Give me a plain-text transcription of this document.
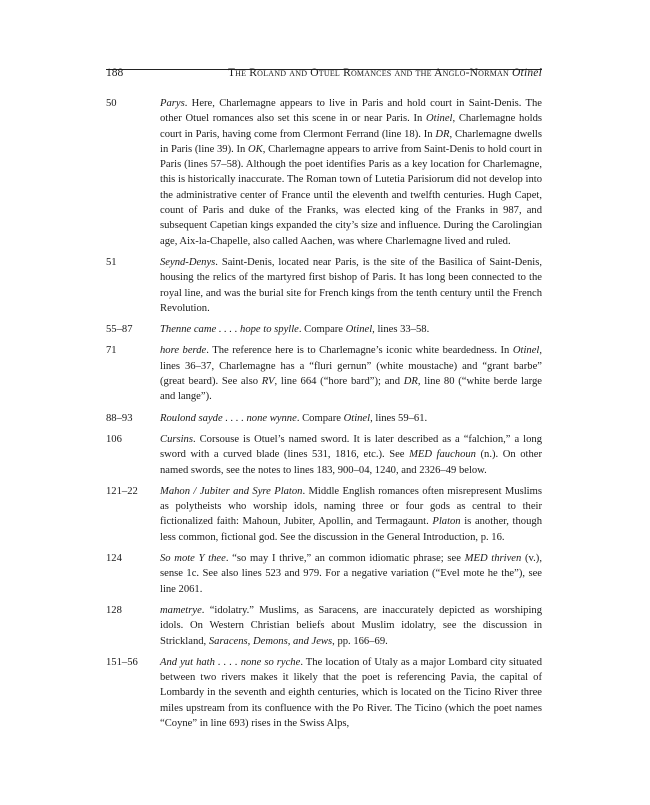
188	The Roland and Otuel Romances and the Anglo-Norman Otinel
50	Parys. Here, Charlemagne appears to live in Paris and hold court in Saint-Denis. The other Otuel romances also set this scene in or near Paris. In Otinel, Charlemagne holds court in Paris, having come from Clermont Ferrand (line 18). In DR, Charlemagne dwells in Paris (line 39). In OK, Charlemagne appears to arrive from Saint-Denis to hold court in Paris (lines 57–58). Although the poet identifies Paris as a key location for Charlemagne, this is historically inaccurate. The Roman town of Lutetia Parisiorum did not develop into the administrative center of France until the eleventh and twelfth centuries. Hugh Capet, count of Paris and duke of the Franks, was elected king of the Franks in 987, and subsequent Capetian kings expanded the city’s size and influence. During the Carolingian age, Aix-la-Chapelle, also called Aachen, was where Charlemagne lived and ruled.
51	Seynd-Denys. Saint-Denis, located near Paris, is the site of the Basilica of Saint-Denis, housing the relics of the martyred first bishop of Paris. It has long been connected to the royal line, and was the burial site for French kings from the tenth century until the French Revolution.
55–87	Thenne came . . . . hope to spylle. Compare Otinel, lines 33–58.
71	hore berde. The reference here is to Charlemagne’s iconic white beardedness. In Otinel, lines 36–37, Charlemagne has a “fluri gernun” (white moustache) and “grant barbe” (great beard). See also RV, line 664 (“hore bard”); and DR, line 80 (“white berde large and lange”).
88–93	Roulond sayde . . . . none wynne. Compare Otinel, lines 59–61.
106	Cursins. Corsouse is Otuel’s named sword. It is later described as a “falchion,” a long sword with a curved blade (lines 531, 1816, etc.). See MED fauchoun (n.). On other named swords, see the notes to lines 183, 900–04, 1240, and 2326–49 below.
121–22 Mahon / Jubiter and Syre Platon. Middle English romances often misrepresent Muslims as polytheists who worship idols, naming three or four gods as central to their fictionalized faith: Mahoun, Jubiter, Apollin, and Termagaunt. Platon is another, though less common, fictional god. See the discussion in the General Introduction, p. 16.
124	So mote Y thee. “so may I thrive,” an common idiomatic phrase; see MED thriven (v.), sense 1c. See also lines 523 and 979. For a negative variation (“Evel mote he the”), see line 2061.
128	mametrye. “idolatry.” Muslims, as Saracens, are inaccurately depicted as worshiping idols. On Western Christian beliefs about Muslim idolatry, see the discussion in Strickland, Saracens, Demons, and Jews, pp. 166–69.
151–56 And yut hath . . . . none so ryche. The location of Utaly as a major Lombard city situated between two rivers makes it likely that the poet is referencing Pavia, the capital of Lombardy in the seventh and eighth centuries, which is located on the Ticino River three miles upstream from its confluence with the Po River. The Ticino (which the poet names “Coyne” in line 693) rises in the Swiss Alps,
